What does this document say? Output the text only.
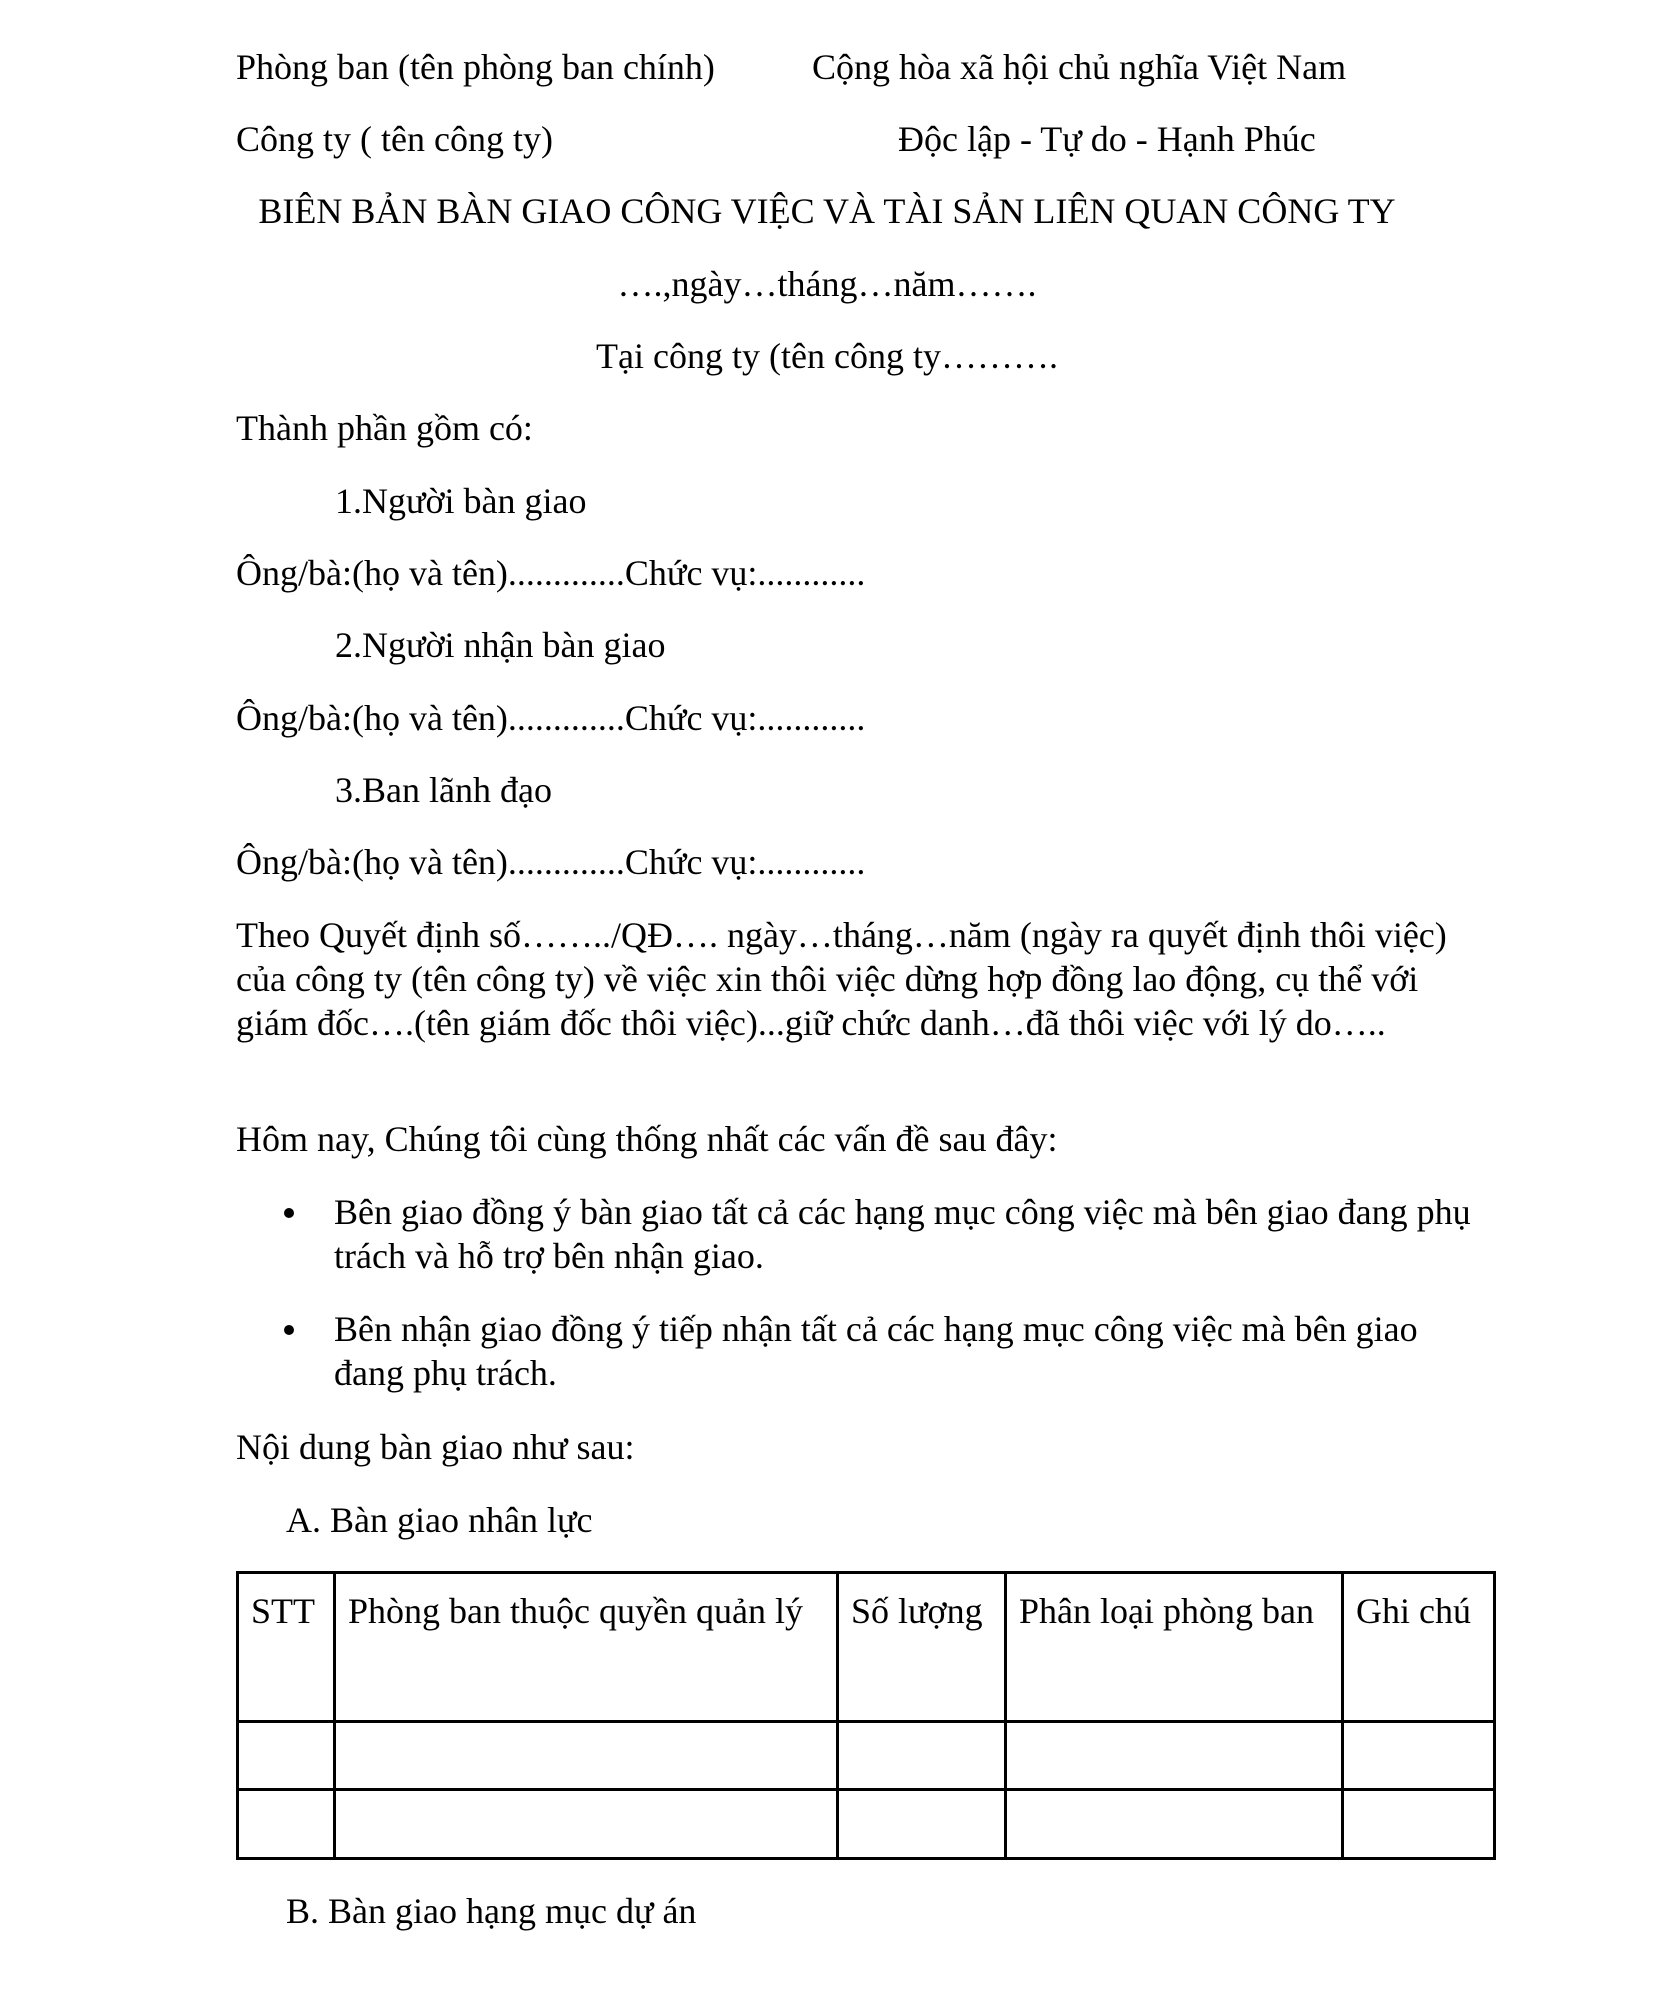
Phòng ban (tên phòng ban chính)	Cộng hòa xã hội chủ nghĩa Việt Nam
Công ty ( tên công ty)	Độc lập - Tự do - Hạnh Phúc
BIÊN BẢN BÀN GIAO CÔNG VIỆC VÀ TÀI SẢN LIÊN QUAN CÔNG TY
….,ngày…tháng…năm…….
Tại công ty (tên công ty……….
Thành phần gồm có:
1.Người bàn giao
Ông/bà:(họ và tên).............Chức vụ:............
2.Người nhận bàn giao
Ông/bà:(họ và tên).............Chức vụ:............
3.Ban lãnh đạo
Ông/bà:(họ và tên).............Chức vụ:............
Theo Quyết định số……../QĐ…. ngày…tháng…năm (ngày ra quyết định thôi việc) của công ty (tên công ty) về việc xin thôi việc dừng hợp đồng lao động, cụ thể với giám đốc….(tên giám đốc thôi việc)...giữ chức danh…đã thôi việc với lý do…..
Hôm nay, Chúng tôi cùng thống nhất các vấn đề sau đây:
Bên giao đồng ý bàn giao tất cả các hạng mục công việc mà bên giao đang phụ trách và hỗ trợ bên nhận giao.
Bên nhận giao đồng ý tiếp nhận tất cả các hạng mục công việc mà bên giao đang phụ trách.
Nội dung bàn giao như sau:
A. Bàn giao nhân lực
STT	Phòng ban thuộc quyền quản lý	Số lượng	Phân loại phòng ban	Ghi chú

B. Bàn giao hạng mục dự án
